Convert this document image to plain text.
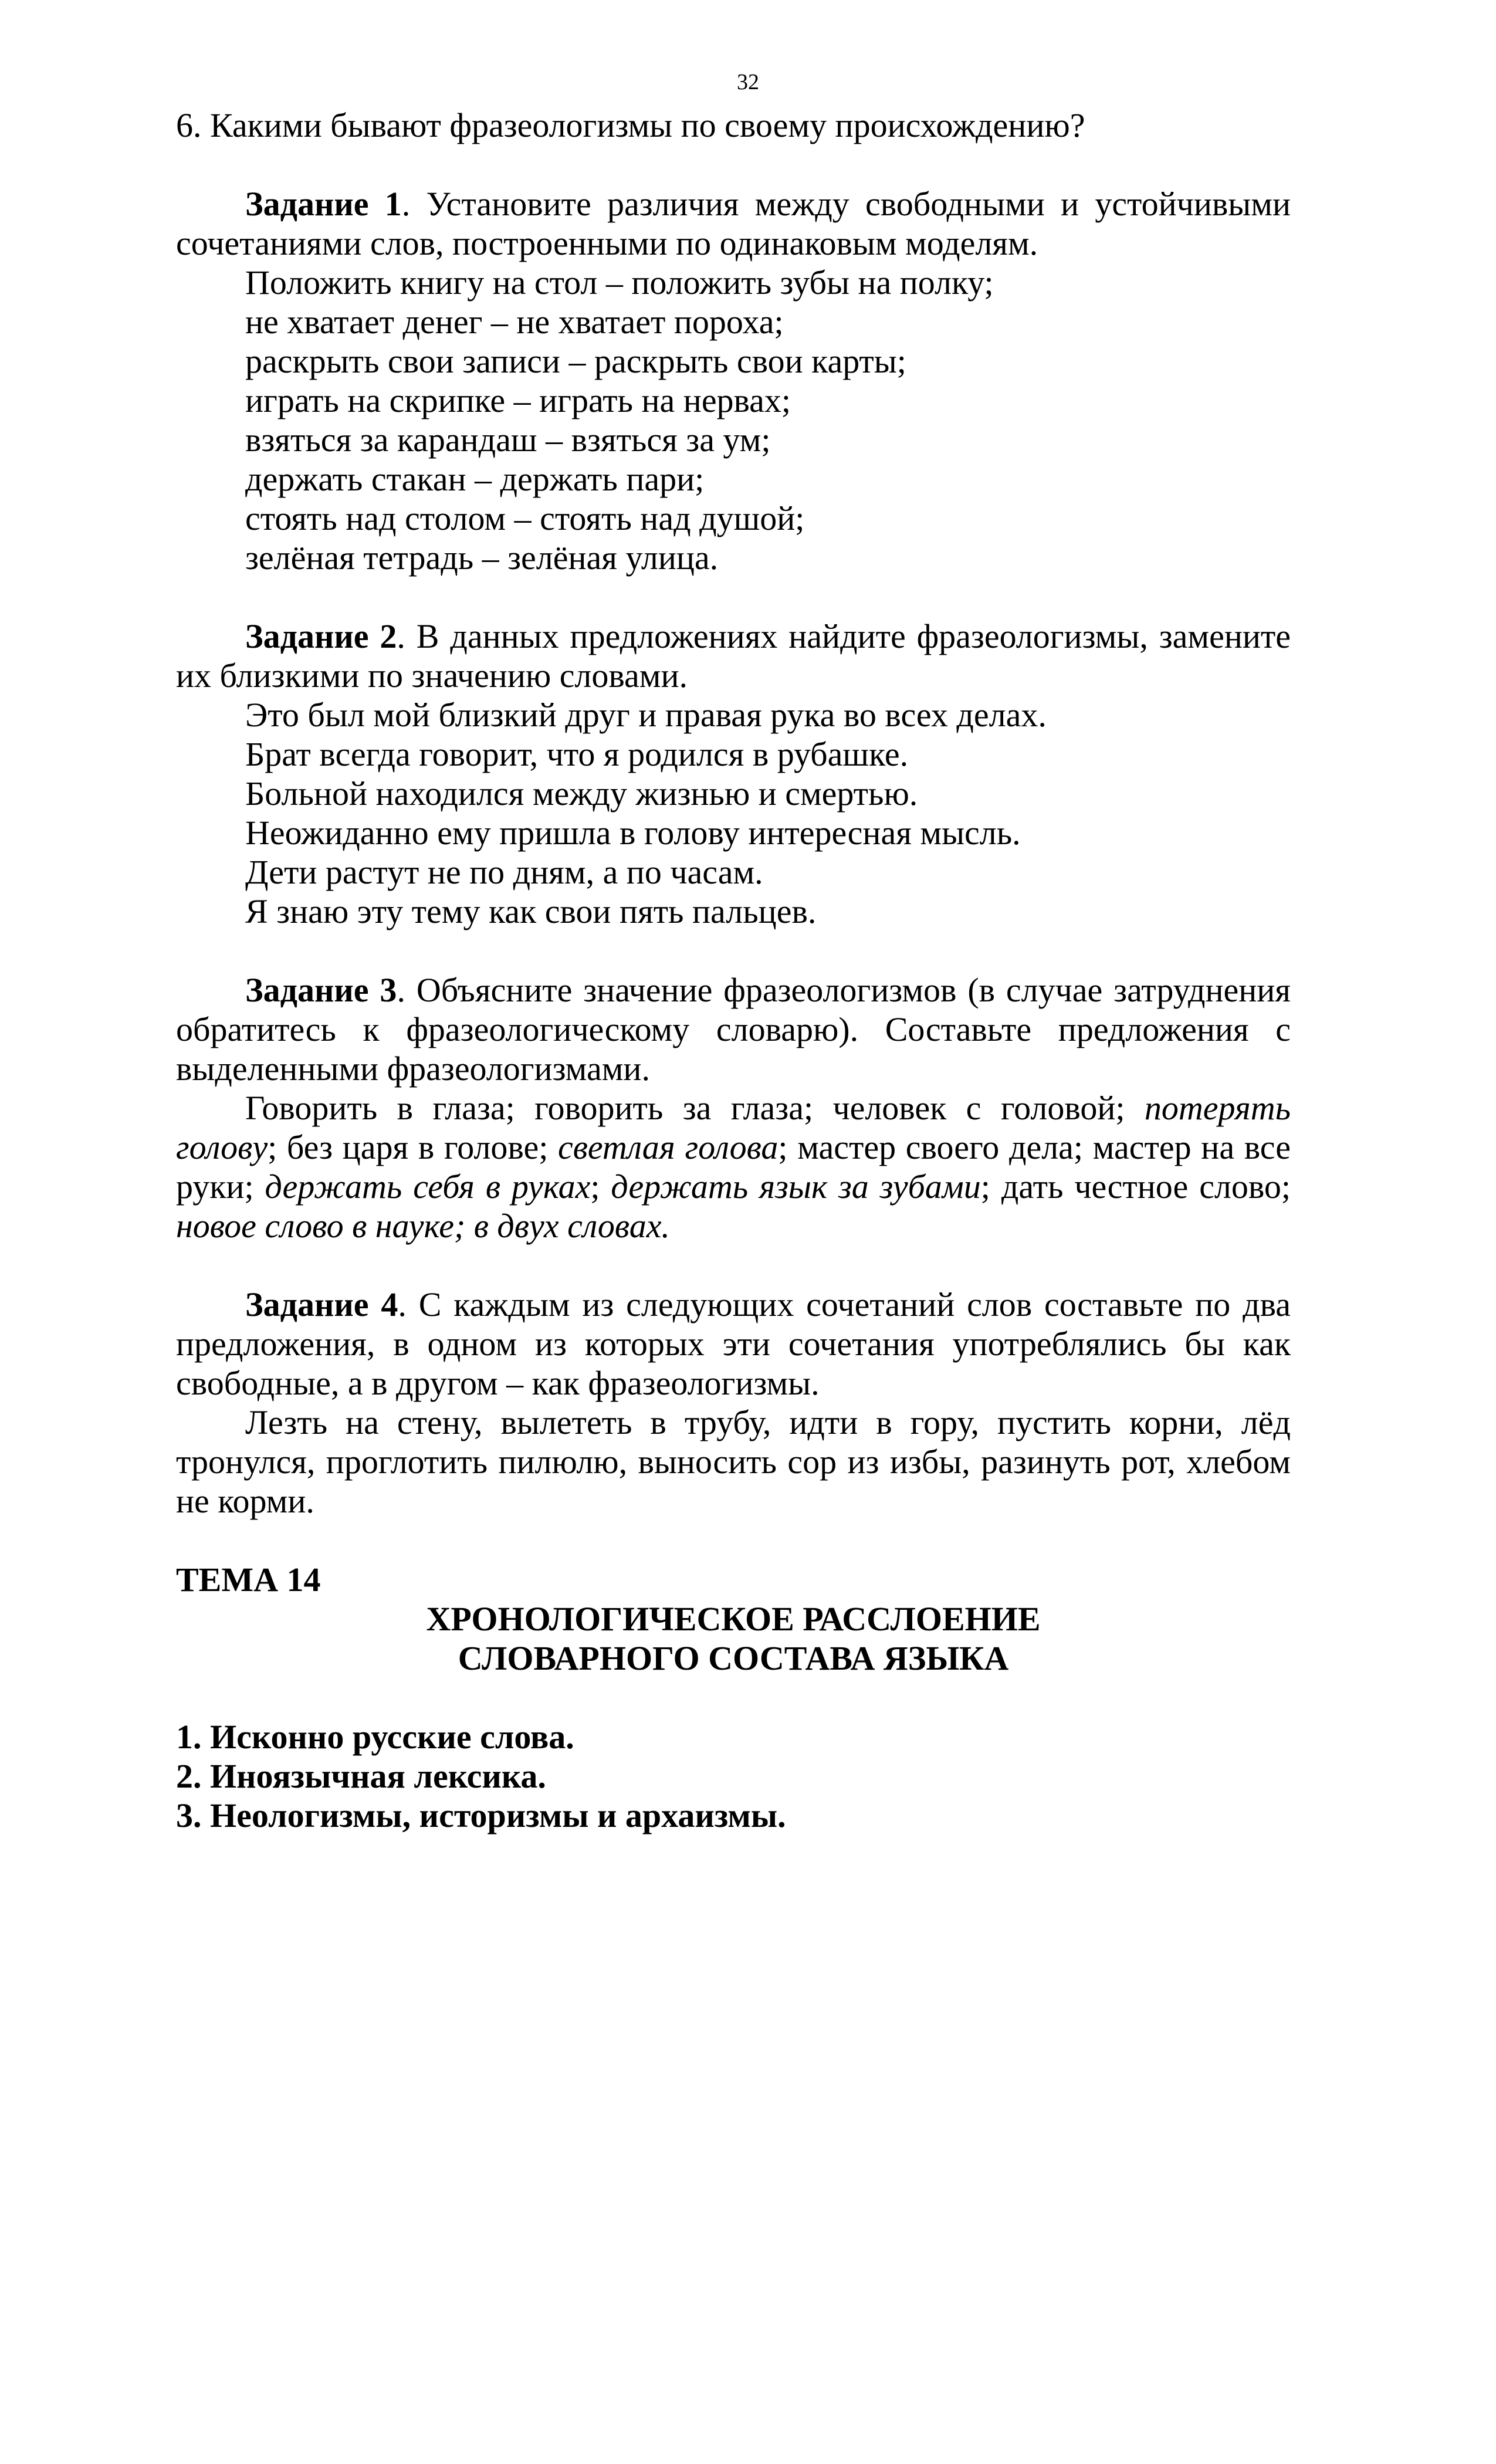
32

6. Какими бывают фразеологизмы по своему происхождению?

Задание 1. Установите различия между свободными и устойчивыми сочетаниями слов, построенными по одинаковым моделям.

Положить книгу на стол – положить зубы на полку;

не хватает денег – не хватает пороха;

раскрыть свои записи – раскрыть свои карты;

играть на скрипке – играть на нервах;

взяться за карандаш – взяться за ум;

держать стакан – держать пари;

стоять над столом – стоять над душой;

зелёная тетрадь – зелёная улица.

Задание 2. В данных предложениях найдите фразеологизмы, замените их близкими по значению словами.

Это был мой близкий друг и правая рука во всех делах.

Брат всегда говорит, что я родился в рубашке.

Больной находился между жизнью и смертью.

Неожиданно ему пришла в голову интересная мысль.

Дети растут не по дням, а по часам.

Я знаю эту тему как свои пять пальцев.

Задание 3. Объясните значение фразеологизмов (в случае затруднения обратитесь к фразеологическому словарю). Составьте предложения с выделенными фразеологизмами.

Говорить в глаза; говорить за глаза; человек с головой; потерять голову; без царя в голове; светлая голова; мастер своего дела; мастер на все руки; держать себя в руках; держать язык за зубами; дать честное слово; новое слово в науке; в двух словах.

Задание 4. С каждым из следующих сочетаний слов составьте по два предложения, в одном из которых эти сочетания употреблялись бы как свободные, а в другом – как фразеологизмы.

Лезть на стену, вылететь в трубу, идти в гору, пустить корни, лёд тронулся, проглотить пилюлю, выносить сор из избы, разинуть рот, хлебом не корми.

ТЕМА 14

ХРОНОЛОГИЧЕСКОЕ РАССЛОЕНИЕ

СЛОВАРНОГО СОСТАВА ЯЗЫКА

1. Исконно русские слова.
2. Иноязычная лексика.
3. Неологизмы, историзмы и архаизмы.
